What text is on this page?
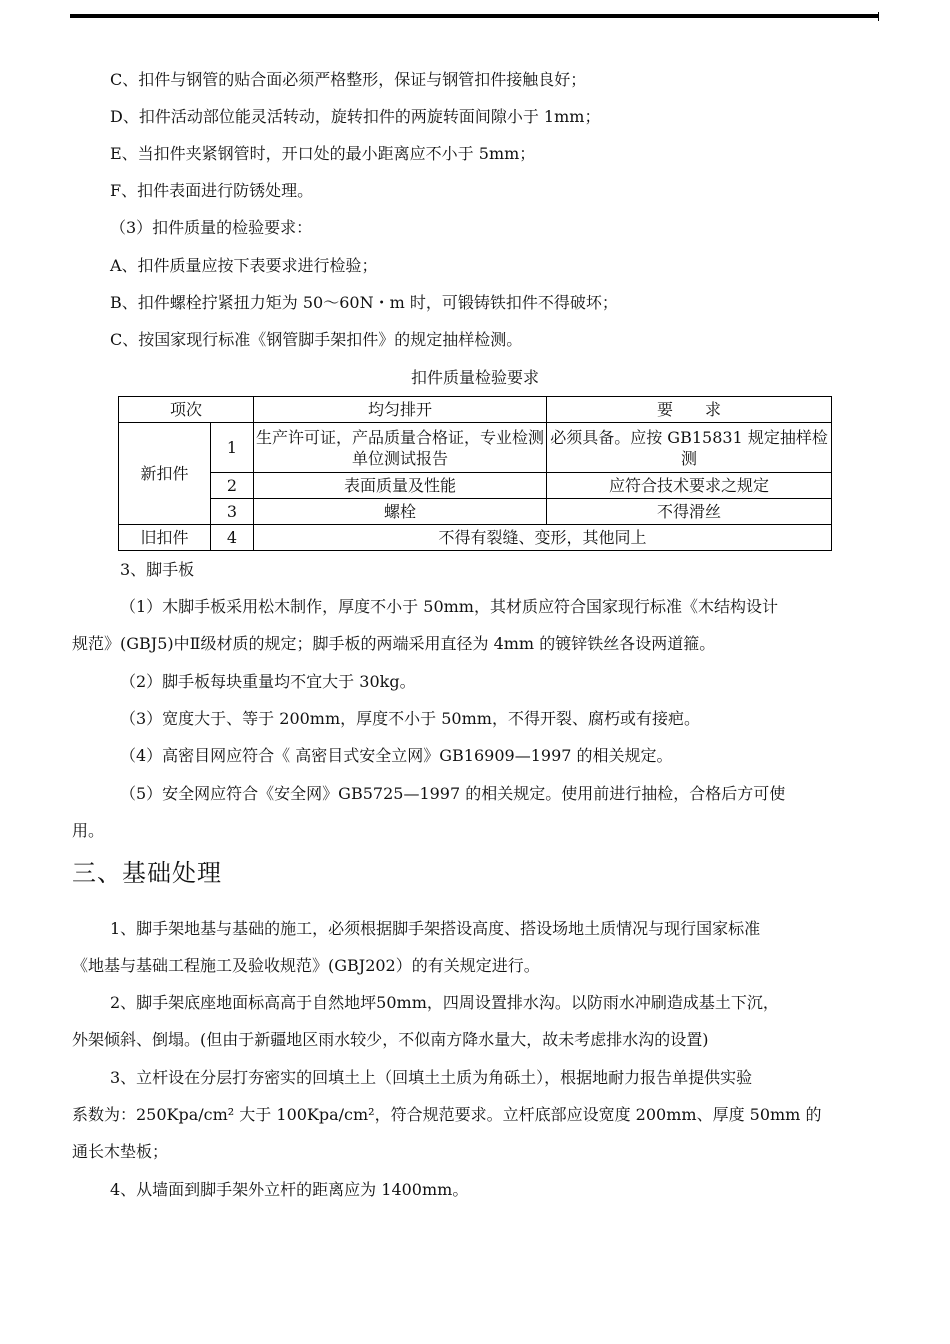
C、扣件与钢管的贴合面必须严格整形，保证与钢管扣件接触良好；
D、扣件活动部位能灵活转动，旋转扣件的两旋转面间隙小于 1mm；
E、当扣件夹紧钢管时，开口处的最小距离应不小于 5mm；
F、扣件表面进行防锈处理。
（3）扣件质量的检验要求：
A、扣件质量应按下表要求进行检验；
B、扣件螺栓拧紧扭力矩为 50～60N・m 时，可锻铸铁扣件不得破坏；
C、按国家现行标准《钢管脚手架扣件》的规定抽样检测。
扣件质量检验要求
项次		均匀排开	要　　求
新扣件	1	生产许可证，产品质量合格证，专业检测单位测试报告	必须具备。应按 GB15831 规定抽样检测
	2	表面质量及性能	应符合技术要求之规定
	3	螺栓	不得滑丝
旧扣件	4	不得有裂缝、变形，其他同上	
3、脚手板
（1）木脚手板采用松木制作，厚度不小于 50mm，其材质应符合国家现行标准《木结构设计
规范》(GBJ5)中Ⅱ级材质的规定；脚手板的两端采用直径为 4mm 的镀锌铁丝各设两道箍。
（2）脚手板每块重量均不宜大于 30kg。
（3）宽度大于、等于 200mm，厚度不小于 50mm，不得开裂、腐朽或有接疤。
（4）高密目网应符合《 高密目式安全立网》GB16909—1997 的相关规定。
（5）安全网应符合《安全网》GB5725—1997 的相关规定。使用前进行抽检，合格后方可使
用。
三、基础处理
1、脚手架地基与基础的施工，必须根据脚手架搭设高度、搭设场地土质情况与现行国家标准
《地基与基础工程施工及验收规范》(GBJ202）的有关规定进行。
2、脚手架底座地面标高高于自然地坪50mm，四周设置排水沟。以防雨水冲刷造成基土下沉，
外架倾斜、倒塌。(但由于新疆地区雨水较少，不似南方降水量大，故未考虑排水沟的设置)
3、立杆设在分层打夯密实的回填土上（回填土土质为角砾土），根据地耐力报告单提供实验
系数为：250Kpa/cm² 大于 100Kpa/cm²，符合规范要求。立杆底部应设宽度 200mm、厚度 50mm 的
通长木垫板；
4、从墙面到脚手架外立杆的距离应为 1400mm。
